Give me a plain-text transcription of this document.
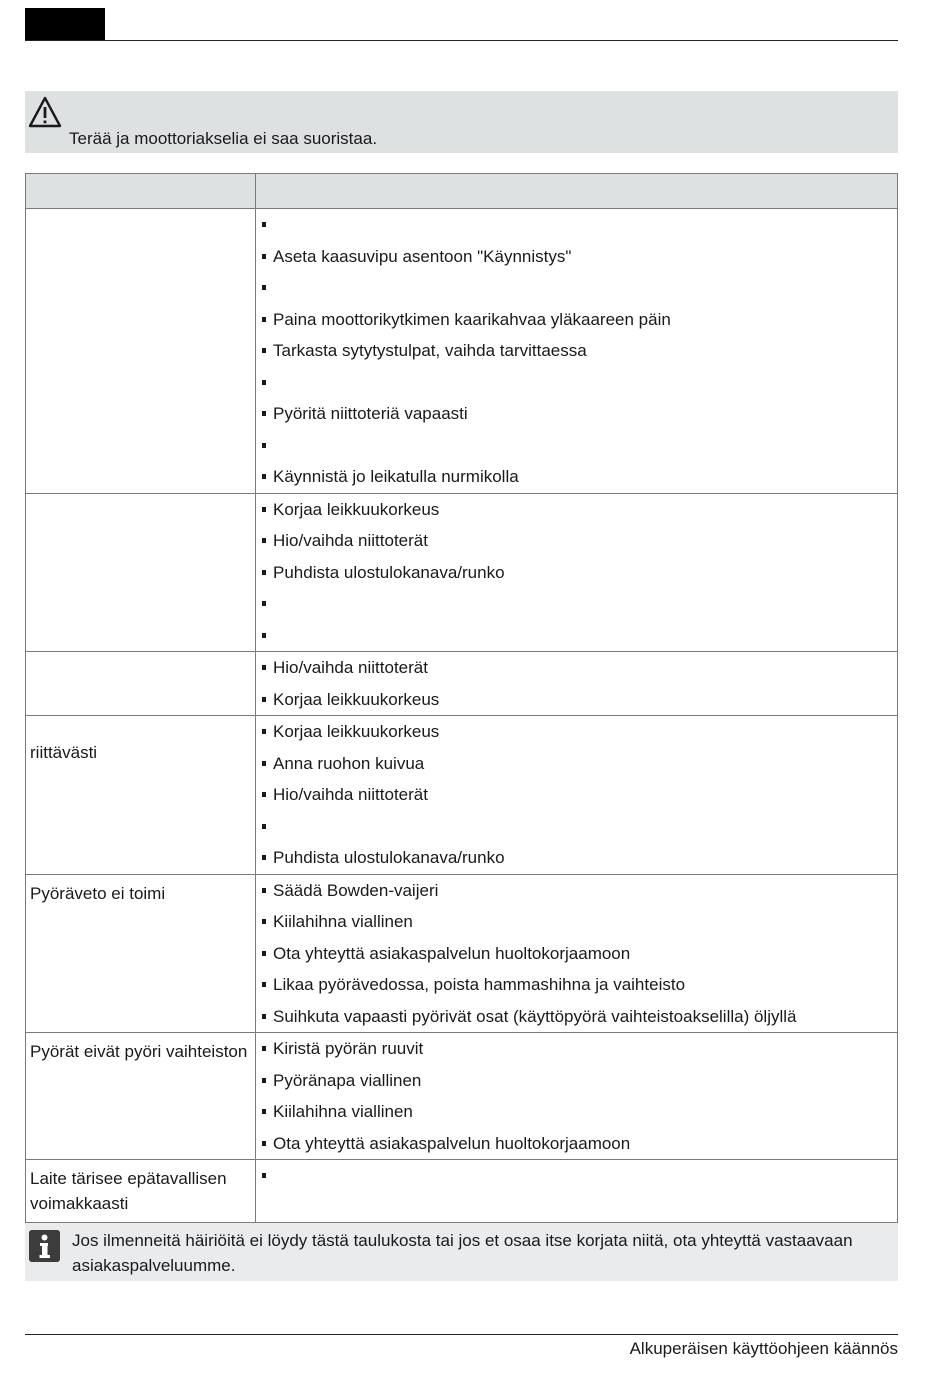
Terää ja moottoriakselia ei saa suoristaa.

	Aseta kaasuvipu asentoon "Käynnistys"
Paina moottorikytkimen kaarikahvaa yläkaareen päin
Tarkasta sytytystulpat, vaihda tarvittaessa
Pyöritä niittoteriä vapaasti
Käynnistä jo leikatulla nurmikolla

	Korjaa leikkuukorkeus
Hio/vaihda niittoterät
Puhdista ulostulokanava/runko

	Hio/vaihda niittoterät
Korjaa leikkuukorkeus

riittävästi	Korjaa leikkuukorkeus
Anna ruohon kuivua
Hio/vaihda niittoterät
Puhdista ulostulokanava/runko

Pyöräveto ei toimi	Säädä Bowden-vaijeri
Kiilahihna viallinen
Ota yhteyttä asiakaspalvelun huoltokorjaamoon
Likaa pyörävedossa, poista hammashihna ja vaihteisto
Suihkuta vapaasti pyörivät osat (käyttöpyörä vaihteistoakselilla) öljyllä

Pyörät eivät pyöri vaihteiston	Kiristä pyörän ruuvit
Pyöränapa viallinen
Kiilahihna viallinen
Ota yhteyttä asiakaspalvelun huoltokorjaamoon

Laite tärisee epätavallisen voimakkaasti	
Jos ilmenneitä häiriöitä ei löydy tästä taulukosta tai jos et osaa itse korjata niitä, ota yhteyttä vastaavaan asiakaspalveluumme.
Alkuperäisen käyttöohjeen käännös
